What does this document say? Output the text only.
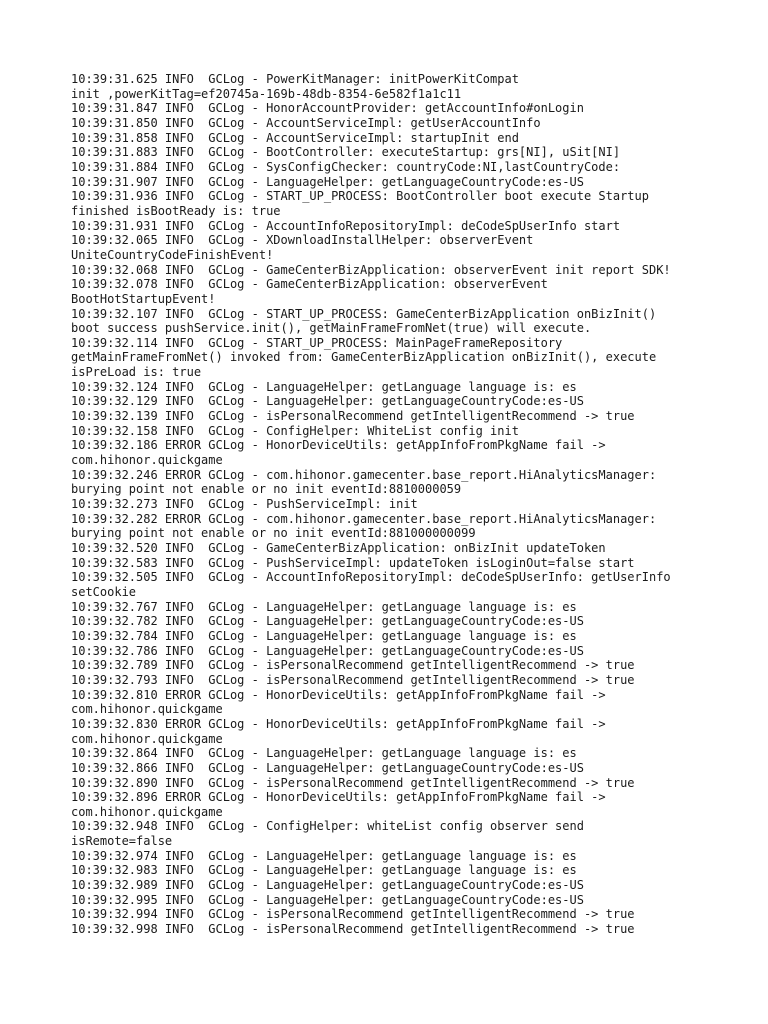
10:39:31.625 INFO  GCLog - PowerKitManager: initPowerKitCompat
init ,powerKitTag=ef20745a-169b-48db-8354-6e582f1a1c11
10:39:31.847 INFO  GCLog - HonorAccountProvider: getAccountInfo#onLogin
10:39:31.850 INFO  GCLog - AccountServiceImpl: getUserAccountInfo
10:39:31.858 INFO  GCLog - AccountServiceImpl: startupInit end
10:39:31.883 INFO  GCLog - BootController: executeStartup: grs[NI], uSit[NI]
10:39:31.884 INFO  GCLog - SysConfigChecker: countryCode:NI,lastCountryCode:
10:39:31.907 INFO  GCLog - LanguageHelper: getLanguageCountryCode:es-US
10:39:31.936 INFO  GCLog - START_UP_PROCESS: BootController boot execute Startup
finished isBootReady is: true
10:39:31.931 INFO  GCLog - AccountInfoRepositoryImpl: deCodeSpUserInfo start
10:39:32.065 INFO  GCLog - XDownloadInstallHelper: observerEvent
UniteCountryCodeFinishEvent!
10:39:32.068 INFO  GCLog - GameCenterBizApplication: observerEvent init report SDK!
10:39:32.078 INFO  GCLog - GameCenterBizApplication: observerEvent
BootHotStartupEvent!
10:39:32.107 INFO  GCLog - START_UP_PROCESS: GameCenterBizApplication onBizInit()
boot success pushService.init(), getMainFrameFromNet(true) will execute.
10:39:32.114 INFO  GCLog - START_UP_PROCESS: MainPageFrameRepository
getMainFrameFromNet() invoked from: GameCenterBizApplication onBizInit(), execute
isPreLoad is: true
10:39:32.124 INFO  GCLog - LanguageHelper: getLanguage language is: es
10:39:32.129 INFO  GCLog - LanguageHelper: getLanguageCountryCode:es-US
10:39:32.139 INFO  GCLog - isPersonalRecommend getIntelligentRecommend -> true
10:39:32.158 INFO  GCLog - ConfigHelper: WhiteList config init
10:39:32.186 ERROR GCLog - HonorDeviceUtils: getAppInfoFromPkgName fail ->
com.hihonor.quickgame
10:39:32.246 ERROR GCLog - com.hihonor.gamecenter.base_report.HiAnalyticsManager:
burying point not enable or no init eventId:8810000059
10:39:32.273 INFO  GCLog - PushServiceImpl: init
10:39:32.282 ERROR GCLog - com.hihonor.gamecenter.base_report.HiAnalyticsManager:
burying point not enable or no init eventId:881000000099
10:39:32.520 INFO  GCLog - GameCenterBizApplication: onBizInit updateToken
10:39:32.583 INFO  GCLog - PushServiceImpl: updateToken isLoginOut=false start
10:39:32.505 INFO  GCLog - AccountInfoRepositoryImpl: deCodeSpUserInfo: getUserInfo
setCookie
10:39:32.767 INFO  GCLog - LanguageHelper: getLanguage language is: es
10:39:32.782 INFO  GCLog - LanguageHelper: getLanguageCountryCode:es-US
10:39:32.784 INFO  GCLog - LanguageHelper: getLanguage language is: es
10:39:32.786 INFO  GCLog - LanguageHelper: getLanguageCountryCode:es-US
10:39:32.789 INFO  GCLog - isPersonalRecommend getIntelligentRecommend -> true
10:39:32.793 INFO  GCLog - isPersonalRecommend getIntelligentRecommend -> true
10:39:32.810 ERROR GCLog - HonorDeviceUtils: getAppInfoFromPkgName fail ->
com.hihonor.quickgame
10:39:32.830 ERROR GCLog - HonorDeviceUtils: getAppInfoFromPkgName fail ->
com.hihonor.quickgame
10:39:32.864 INFO  GCLog - LanguageHelper: getLanguage language is: es
10:39:32.866 INFO  GCLog - LanguageHelper: getLanguageCountryCode:es-US
10:39:32.890 INFO  GCLog - isPersonalRecommend getIntelligentRecommend -> true
10:39:32.896 ERROR GCLog - HonorDeviceUtils: getAppInfoFromPkgName fail ->
com.hihonor.quickgame
10:39:32.948 INFO  GCLog - ConfigHelper: whiteList config observer send
isRemote=false
10:39:32.974 INFO  GCLog - LanguageHelper: getLanguage language is: es
10:39:32.983 INFO  GCLog - LanguageHelper: getLanguage language is: es
10:39:32.989 INFO  GCLog - LanguageHelper: getLanguageCountryCode:es-US
10:39:32.995 INFO  GCLog - LanguageHelper: getLanguageCountryCode:es-US
10:39:32.994 INFO  GCLog - isPersonalRecommend getIntelligentRecommend -> true
10:39:32.998 INFO  GCLog - isPersonalRecommend getIntelligentRecommend -> true
